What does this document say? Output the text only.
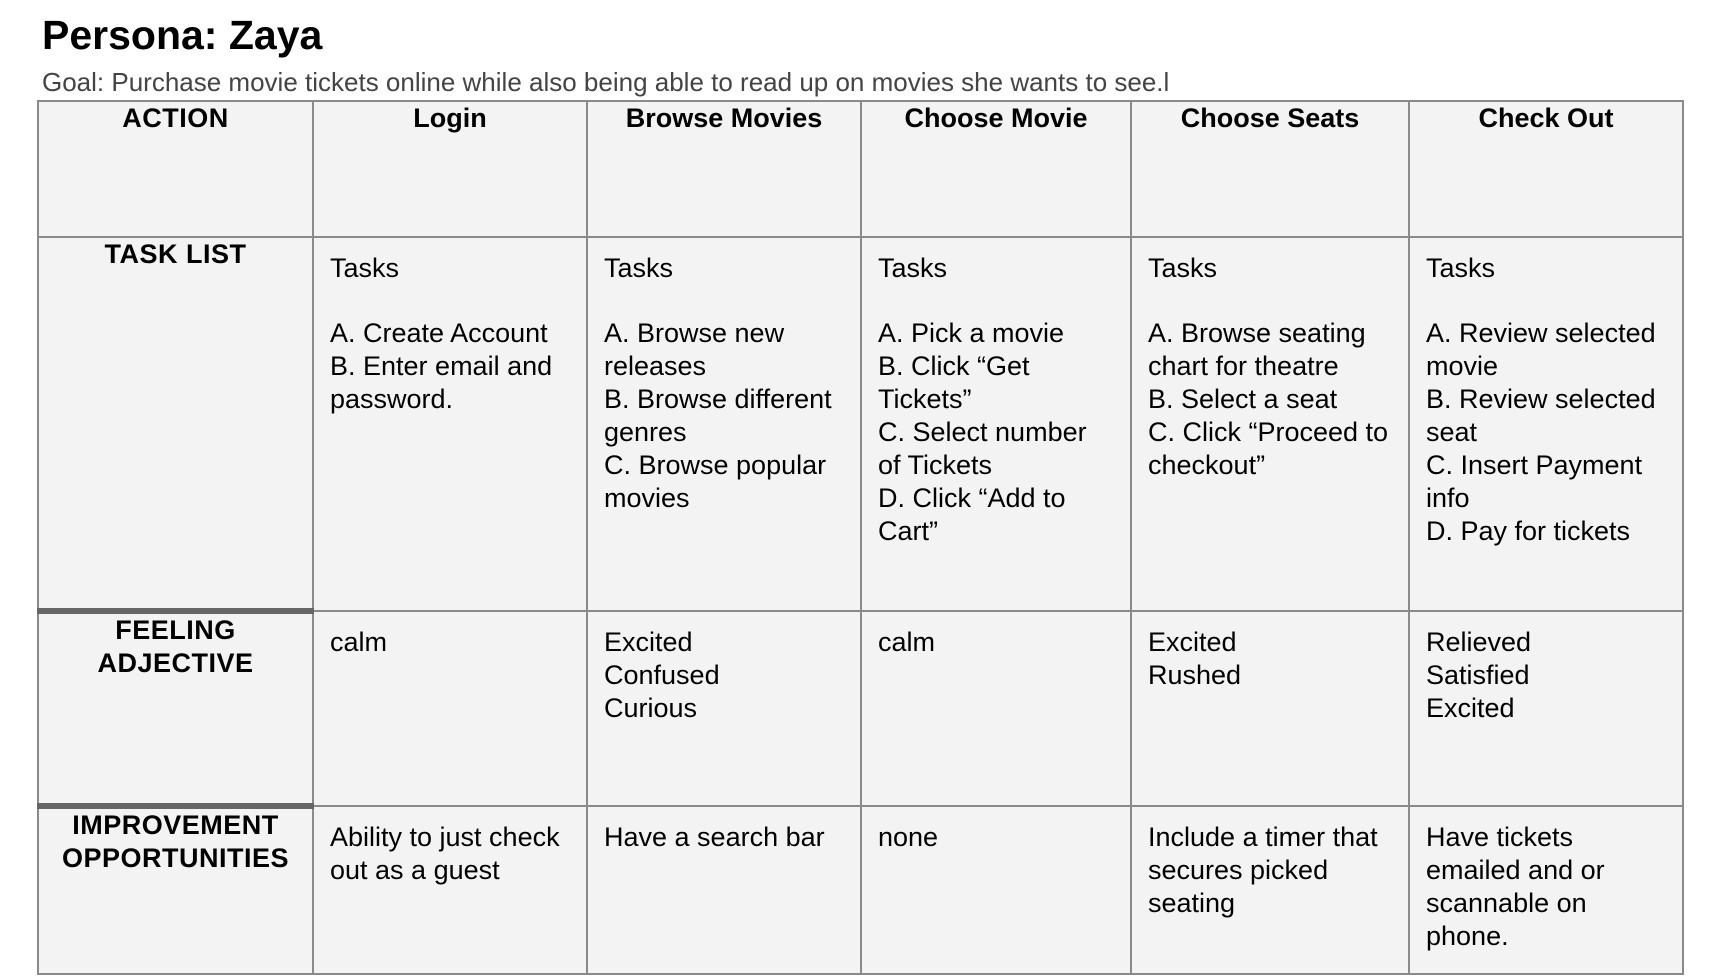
Persona: Zaya
Goal: Purchase movie tickets online while also being able to read up on movies she wants to see.l
ACTION	Login	Browse Movies	Choose Movie	Choose Seats	Check Out
TASK LIST	Tasks
A. Create Account
B. Enter email and password.	Tasks
A. Browse new releases
B. Browse different genres
C. Browse popular movies	Tasks
A. Pick a movie
B. Click “Get Tickets”
C. Select number of Tickets
D. Click “Add to Cart”	Tasks
A. Browse seating chart for theatre
B. Select a seat
C. Click “Proceed to checkout”	Tasks
A. Review selected movie
B. Review selected seat
C. Insert Payment info
D. Pay for tickets

FEELING
ADJECTIVE	calm	Excited
Confused
Curious	calm	Excited
Rushed	Relieved
Satisfied
Excited

IMPROVEMENT
OPPORTUNITIES	Ability to just check out as a guest	Have a search bar	none	Include a timer that secures picked seating	Have tickets emailed and or scannable on phone.
